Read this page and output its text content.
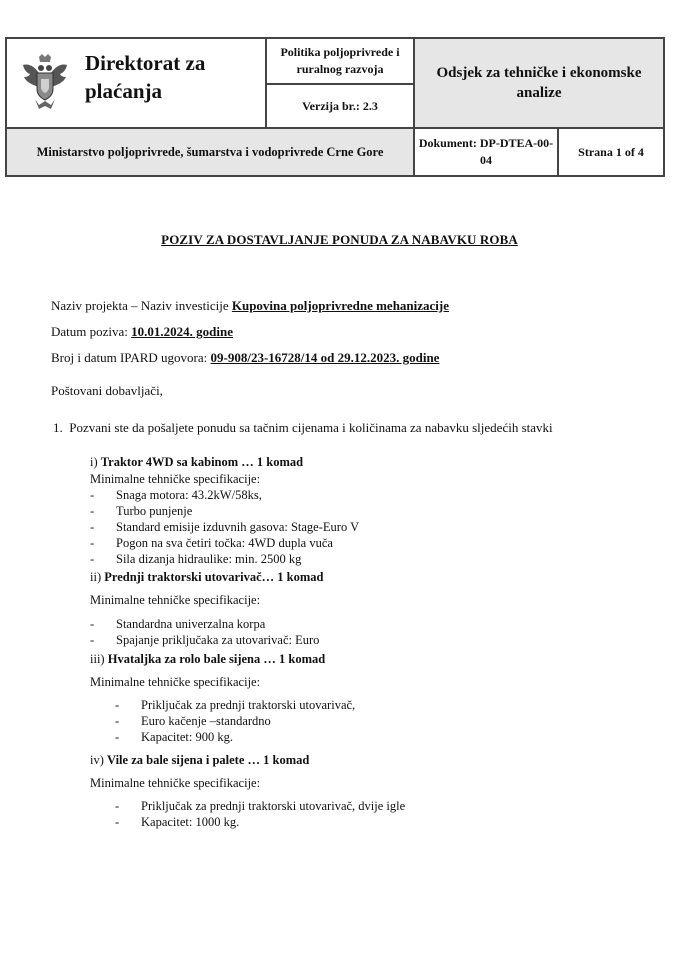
Direktorat za plaćanja
Politika poljoprivrede i ruralnog razvoja
Verzija br.: 2.3
Odsjek za tehničke i ekonomske analize
Ministarstvo poljoprivrede, šumarstva i vodoprivrede Crne Gore
Dokument: DP-DTEA-00-04
Strana 1 of 4
POZIV ZA DOSTAVLJANJE PONUDA ZA NABAVKU ROBA
Naziv projekta – Naziv investicije Kupovina poljoprivredne mehanizacije
Datum poziva: 10.01.2024. godine
Broj i datum IPARD ugovora: 09-908/23-16728/14 od 29.12.2023. godine
Poštovani dobavljači,
1. Pozvani ste da pošaljete ponudu sa tačnim cijenama i količinama za nabavku sljedećih stavki
i) Traktor 4WD sa kabinom … 1 komad
Minimalne tehničke specifikacije:
- Snaga motora: 43.2kW/58ks,
- Turbo punjenje
- Standard emisije izduvnih gasova: Stage-Euro V
- Pogon na sva četiri točka: 4WD dupla vuča
- Sila dizanja hidraulike: min. 2500 kg
ii) Prednji traktorski utovarivač… 1 komad
Minimalne tehničke specifikacije:
- Standardna univerzalna korpa
- Spajanje priključaka za utovarivač: Euro
iii) Hvataljka za rolo bale sijena … 1 komad
Minimalne tehničke specifikacije:
- Priključak za prednji traktorski utovarivač,
- Euro kačenje –standardno
- Kapacitet: 900 kg.
iv) Vile za bale sijena i palete … 1 komad
Minimalne tehničke specifikacije:
- Priključak za prednji traktorski utovarivač, dvije igle
- Kapacitet: 1000 kg.
